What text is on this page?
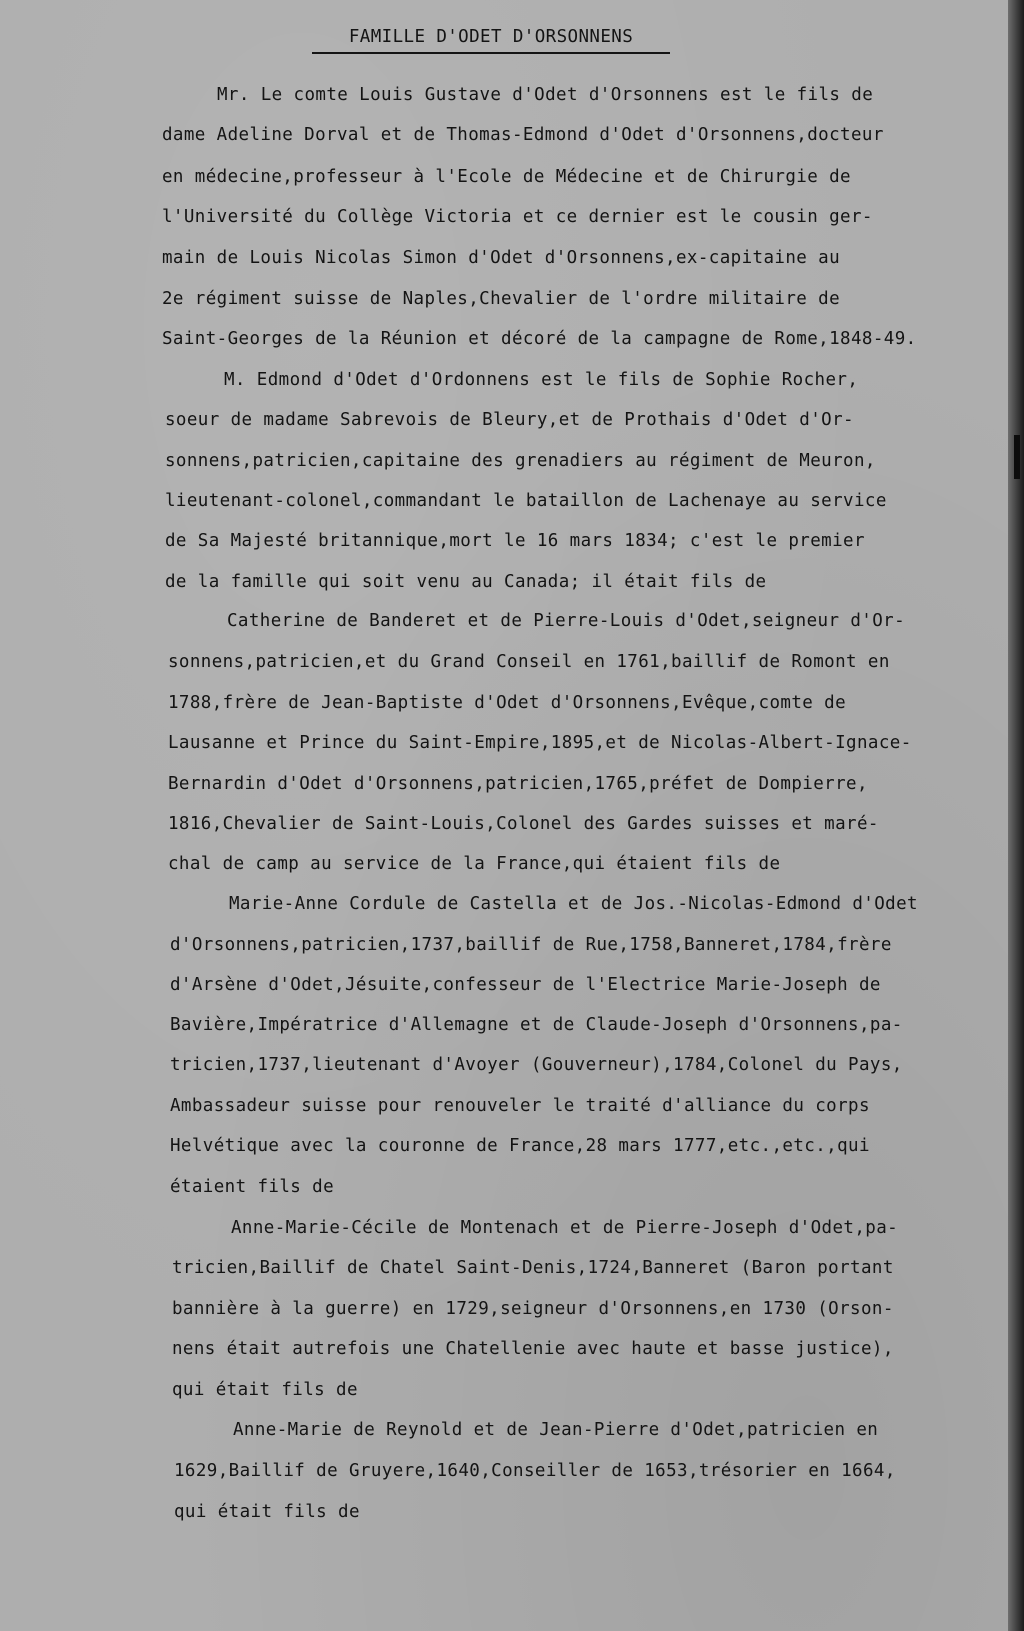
FAMILLE D'ODET D'ORSONNENS
Mr. Le comte Louis Gustave d'Odet d'Orsonnens est le fils de
dame Adeline Dorval et de Thomas-Edmond d'Odet d'Orsonnens,docteur
en médecine,professeur à l'Ecole de Médecine et de Chirurgie de
l'Université du Collège Victoria et ce dernier est le cousin ger-
main de Louis Nicolas Simon d'Odet d'Orsonnens,ex-capitaine au
2e régiment suisse de Naples,Chevalier de l'ordre militaire de
Saint-Georges de la Réunion et décoré de la campagne de Rome,1848-49.
M. Edmond d'Odet d'Ordonnens est le fils de Sophie Rocher,
soeur de madame Sabrevois de Bleury,et de Prothais d'Odet d'Or-
sonnens,patricien,capitaine des grenadiers au régiment de Meuron,
lieutenant-colonel,commandant le bataillon de Lachenaye au service
de Sa Majesté britannique,mort le 16 mars 1834; c'est le premier
de la famille qui soit venu au Canada; il était fils de
Catherine de Banderet et de Pierre-Louis d'Odet,seigneur d'Or-
sonnens,patricien,et du Grand Conseil en 1761,baillif de Romont en
1788,frère de Jean-Baptiste d'Odet d'Orsonnens,Evêque,comte de
Lausanne et Prince du Saint-Empire,1895,et de Nicolas-Albert-Ignace-
Bernardin d'Odet d'Orsonnens,patricien,1765,préfet de Dompierre,
1816,Chevalier de Saint-Louis,Colonel des Gardes suisses et maré-
chal de camp au service de la France,qui étaient fils de
Marie-Anne Cordule de Castella et de Jos.-Nicolas-Edmond d'Odet
d'Orsonnens,patricien,1737,baillif de Rue,1758,Banneret,1784,frère
d'Arsène d'Odet,Jésuite,confesseur de l'Electrice Marie-Joseph de
Bavière,Impératrice d'Allemagne et de Claude-Joseph d'Orsonnens,pa-
tricien,1737,lieutenant d'Avoyer (Gouverneur),1784,Colonel du Pays,
Ambassadeur suisse pour renouveler le traité d'alliance du corps
Helvétique avec la couronne de France,28 mars 1777,etc.,etc.,qui
étaient fils de
Anne-Marie-Cécile de Montenach et de Pierre-Joseph d'Odet,pa-
tricien,Baillif de Chatel Saint-Denis,1724,Banneret (Baron portant
bannière à la guerre) en 1729,seigneur d'Orsonnens,en 1730 (Orson-
nens était autrefois une Chatellenie avec haute et basse justice),
qui était fils de
Anne-Marie de Reynold et de Jean-Pierre d'Odet,patricien en
1629,Baillif de Gruyere,1640,Conseiller de 1653,trésorier en 1664,
qui était fils de
